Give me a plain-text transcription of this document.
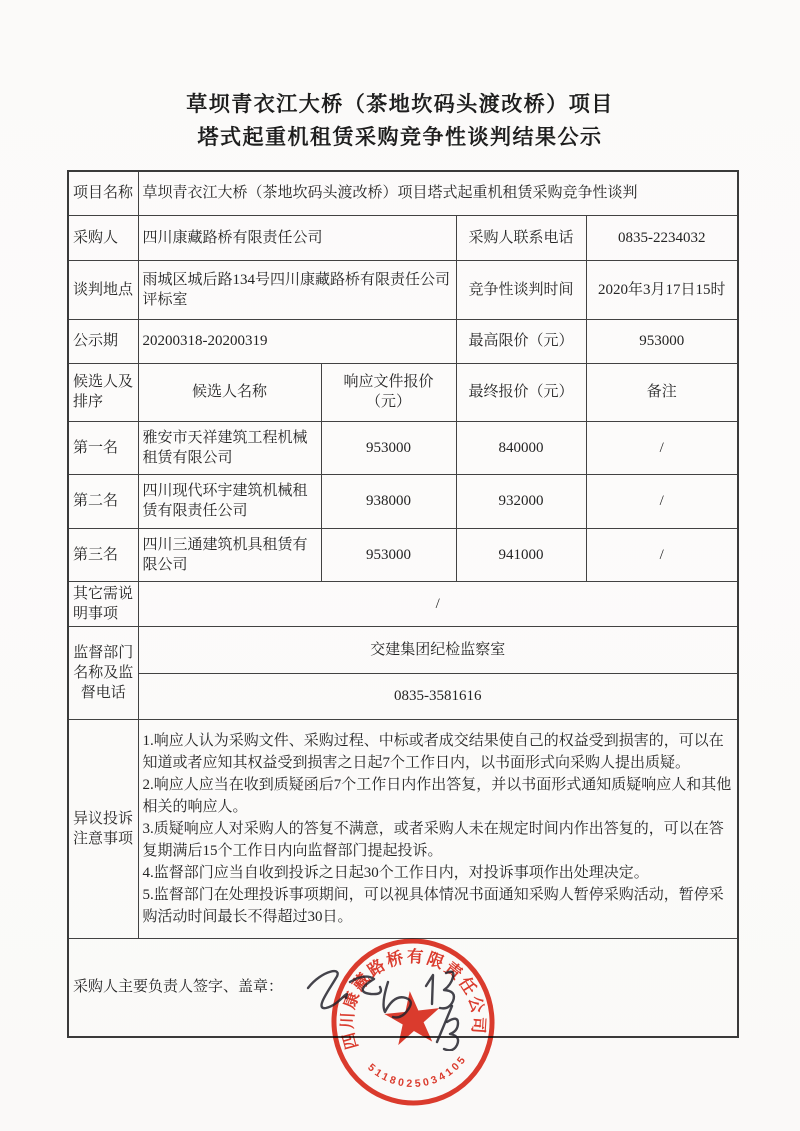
草坝青衣江大桥（茶地坎码头渡改桥）项目
塔式起重机租赁采购竞争性谈判结果公示
项目名称	草坝青衣江大桥（茶地坎码头渡改桥）项目塔式起重机租赁采购竞争性谈判			
采购人	四川康藏路桥有限责任公司		采购人联系电话	0835-2234032
谈判地点	雨城区城后路134号四川康藏路桥有限责任公司评标室		竞争性谈判时间	2020年3月17日15时
公示期	20200318-20200319		最高限价（元）	953000
候选人及排序	候选人名称	响应文件报价（元）	最终报价（元）	备注
第一名	雅安市天祥建筑工程机械租赁有限公司	953000	840000	/
第二名	四川现代环宇建筑机械租赁有限责任公司	938000	932000	/
第三名	四川三通建筑机具租赁有限公司	953000	941000	/
其它需说明事项	/			
监督部门名称及监督电话	交建集团纪检监察室			
	0835-3581616			
异议投诉注意事项	1.响应人认为采购文件、采购过程、中标或者成交结果使自己的权益受到损害的，可以在知道或者应知其权益受到损害之日起7个工作日内，以书面形式向采购人提出质疑。
2.响应人应当在收到质疑函后7个工作日内作出答复，并以书面形式通知质疑响应人和其他相关的响应人。
3.质疑响应人对采购人的答复不满意，或者采购人未在规定时间内作出答复的，可以在答复期满后15个工作日内向监督部门提起投诉。
4.监督部门应当自收到投诉之日起30个工作日内，对投诉事项作出处理决定。
5.监督部门在处理投诉事项期间，可以视具体情况书面通知采购人暂停采购活动，暂停采购活动时间最长不得超过30日。			

采购人主要负责人签字、盖章：				
四川康藏路桥有限责任公司
5118025034105
